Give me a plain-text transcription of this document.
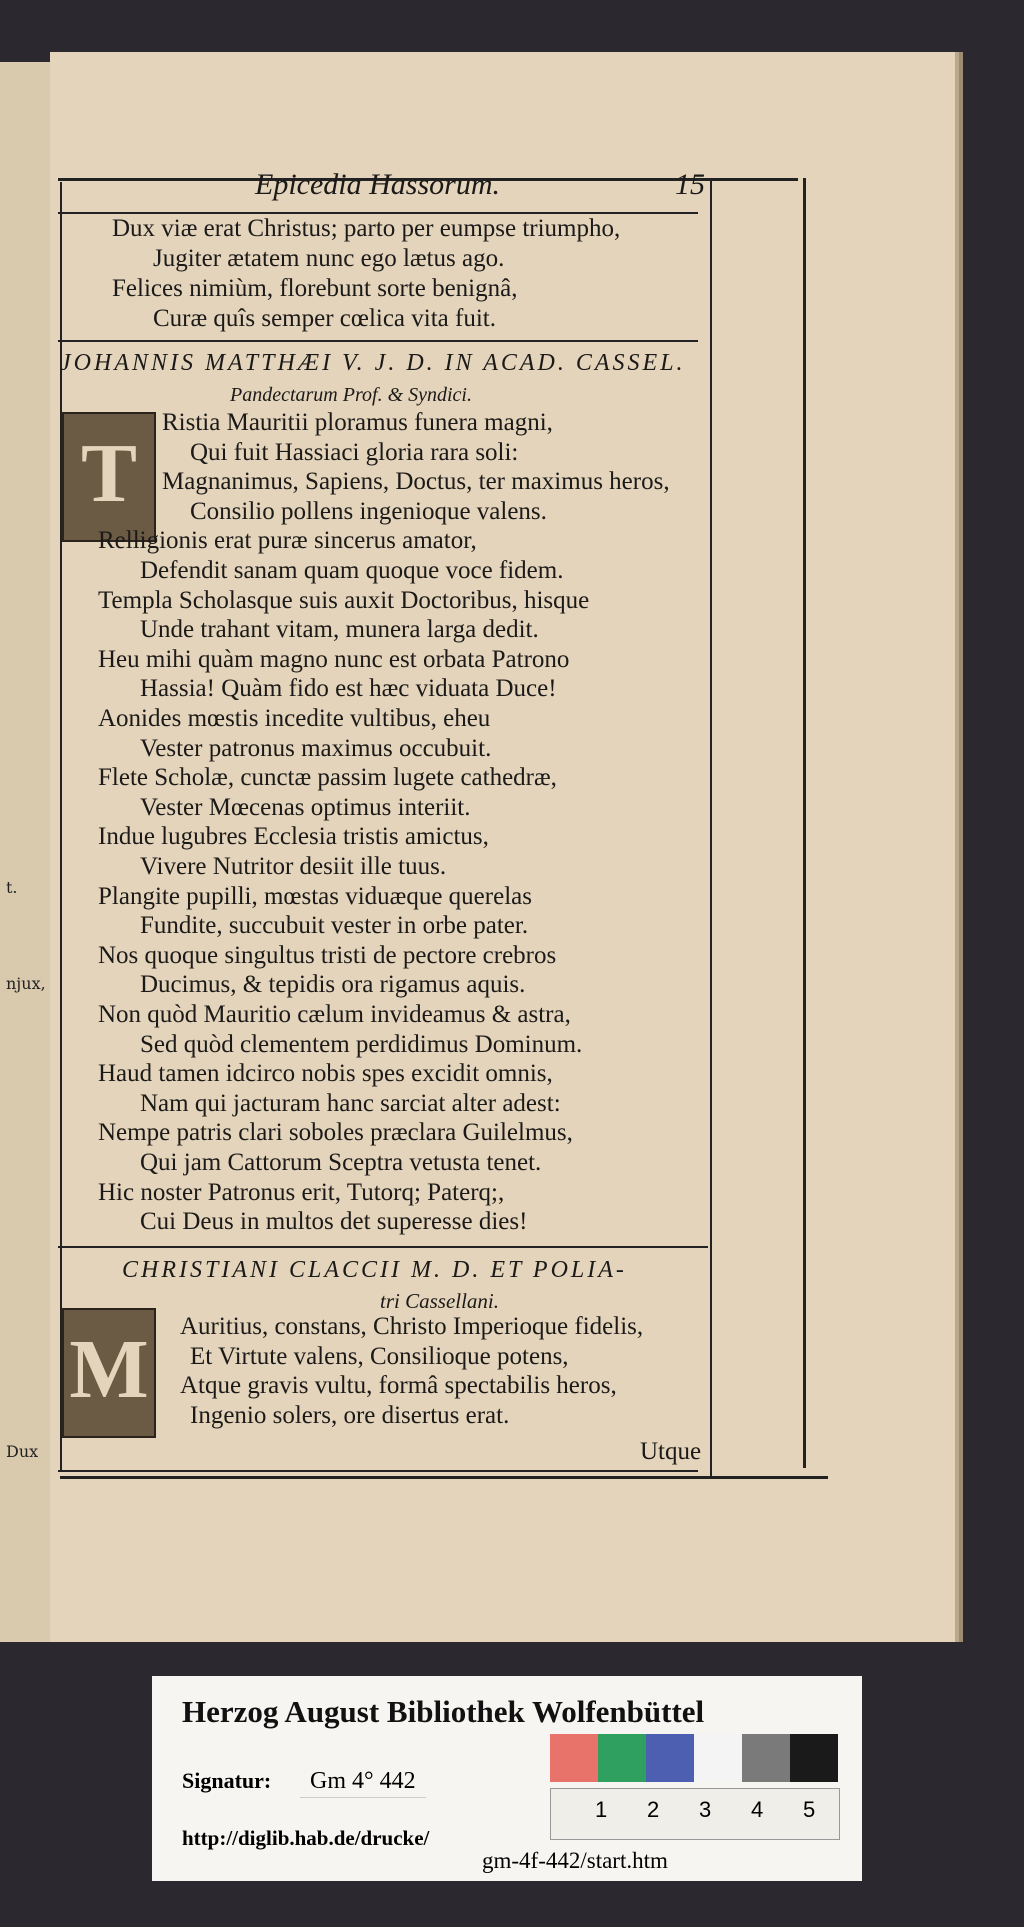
t.
njux,
Dux
Epicedia Hassorum.	15
Dux viæ erat Christus; parto per eumpse triumpho,
Jugiter ætatem nunc ego lætus ago.
Felices nimiùm, florebunt sorte benignâ,
Curæ quîs semper cœlica vita fuit.
JOHANNIS MATTHÆI V. J. D. IN ACAD. CASSEL.
Pandectarum Prof. & Syndici.
T
Ristia Mauritii ploramus funera magni,
Qui fuit Hassiaci gloria rara soli:
Magnanimus, Sapiens, Doctus, ter maximus heros,
Consilio pollens ingenioque valens.
Relligionis erat puræ sincerus amator,
Defendit sanam quam quoque voce fidem.
Templa Scholasque suis auxit Doctoribus, hisque
Unde trahant vitam, munera larga dedit.
Heu mihi quàm magno nunc est orbata Patrono
Hassia! Quàm fido est hæc viduata Duce!
Aonides mœstis incedite vultibus, eheu
Vester patronus maximus occubuit.
Flete Scholæ, cunctæ passim lugete cathedræ,
Vester Mœcenas optimus interiit.
Indue lugubres Ecclesia tristis amictus,
Vivere Nutritor desiit ille tuus.
Plangite pupilli, mœstas viduæque querelas
Fundite, succubuit vester in orbe pater.
Nos quoque singultus tristi de pectore crebros
Ducimus, & tepidis ora rigamus aquis.
Non quòd Mauritio cælum invideamus & astra,
Sed quòd clementem perdidimus Dominum.
Haud tamen idcirco nobis spes excidit omnis,
Nam qui jacturam hanc sarciat alter adest:
Nempe patris clari soboles præclara Guilelmus,
Qui jam Cattorum Sceptra vetusta tenet.
Hic noster Patronus erit, Tutorq; Paterq;,
Cui Deus in multos det superesse dies!
CHRISTIANI CLACCII M. D. ET POLIA-
tri Cassellani.
M Auritius, constans, Christo Imperioque fidelis,
Et Virtute valens, Consilioque potens,
Atque gravis vultu, formâ spectabilis heros,
Ingenio solers, ore disertus erat.
Utque
Herzog August Bibliothek Wolfenbüttel
Signatur:	Gm 4° 442
http://diglib.hab.de/drucke/
gm-4f-442/start.htm
1 2 3 4 5
